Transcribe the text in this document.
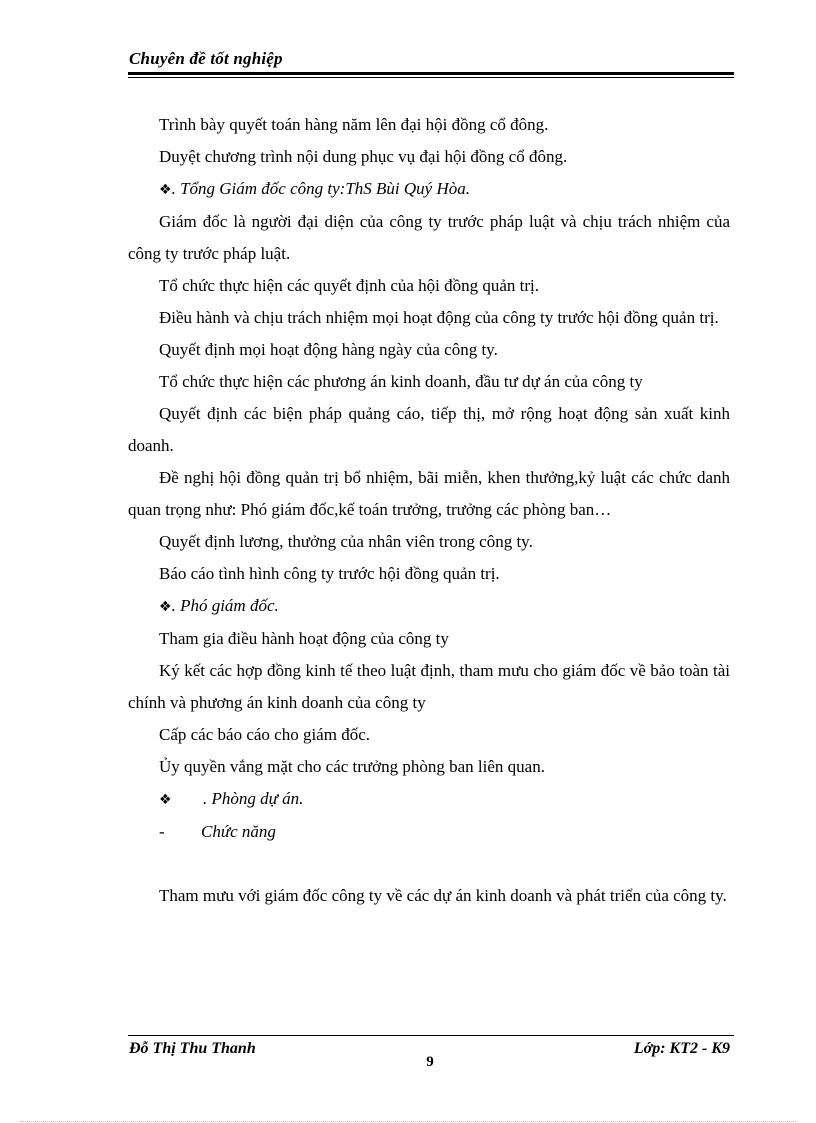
Chuyên đề tốt nghiệp

Trình bày quyết toán hàng năm lên đại hội đồng cổ đông.

Duyệt chương trình nội dung phục vụ đại hội đồng cổ đông.

❖. Tổng Giám đốc công ty:ThS Bùi Quý Hòa.

Giám đốc là người đại diện của công ty trước pháp luật và chịu trách nhiệm của công ty trước pháp luật.

Tổ chức thực hiện các quyết định của hội đồng quản trị.

Điều hành và chịu trách nhiệm mọi hoạt động của công ty trước hội đồng quản trị.

Quyết định mọi hoạt động hàng ngày của công ty.

Tổ chức thực hiện các phương án kinh doanh, đầu tư dự án của công ty

Quyết định các biện pháp quảng cáo, tiếp thị, mở rộng hoạt động sản xuất kinh doanh.

Đề nghị hội đồng quản trị bổ nhiệm, bãi miễn, khen thưởng,kỷ luật các chức danh quan trọng như: Phó giám đốc,kế toán trưởng, trưởng các phòng ban…

Quyết định lương, thưởng của nhân viên trong công ty.

Báo cáo tình hình công ty trước hội đồng quản trị.

❖. Phó giám đốc.

Tham gia điều hành hoạt động của công ty

Ký kết các hợp đồng kinh tế theo luật định, tham mưu cho giám đốc về bảo toàn tài chính và phương án kinh doanh của công ty

Cấp các báo cáo cho giám đốc.

Ủy quyền vắng mặt cho các trưởng phòng ban liên quan.

❖ . Phòng dự án.

- Chức năng

Tham mưu với giám đốc công ty về các dự án kinh doanh và phát triển của công ty.

Đỗ Thị Thu Thanh	Lớp: KT2 - K9
9
